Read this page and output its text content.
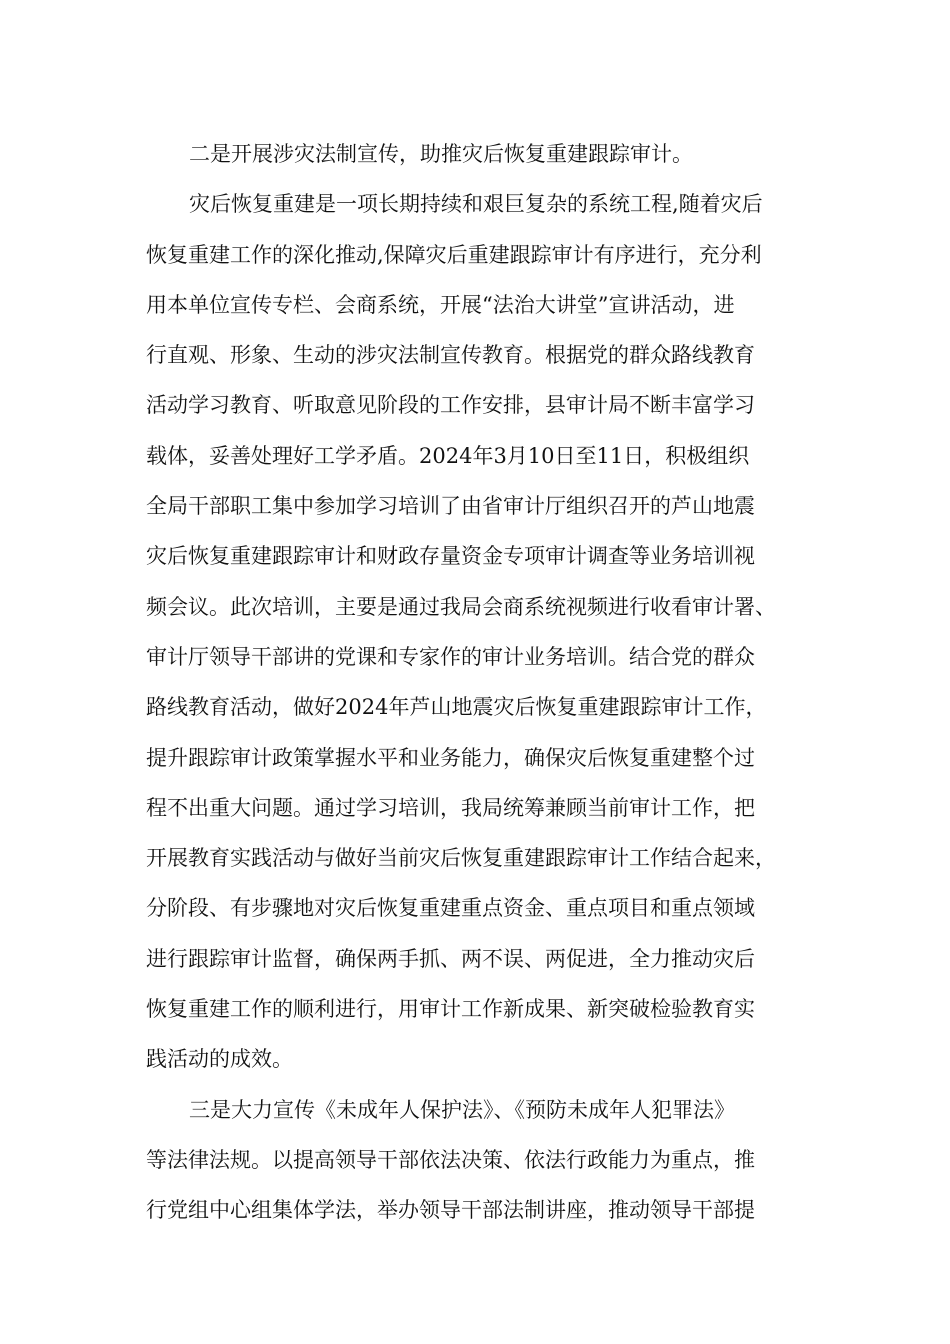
二是开展涉灾法制宣传，助推灾后恢复重建跟踪审计。
灾后恢复重建是一项长期持续和艰巨复杂的系统工程,随着灾后
恢复重建工作的深化推动,保障灾后重建跟踪审计有序进行，充分利
用本单位宣传专栏、会商系统，开展“法治大讲堂”宣讲活动，进
行直观、形象、生动的涉灾法制宣传教育。根据党的群众路线教育
活动学习教育、听取意见阶段的工作安排，县审计局不断丰富学习
载体，妥善处理好工学矛盾。2024年3月10日至11日，积极组织
全局干部职工集中参加学习培训了由省审计厅组织召开的芦山地震
灾后恢复重建跟踪审计和财政存量资金专项审计调查等业务培训视
频会议。此次培训，主要是通过我局会商系统视频进行收看审计署、
审计厅领导干部讲的党课和专家作的审计业务培训。结合党的群众
路线教育活动，做好2024年芦山地震灾后恢复重建跟踪审计工作，
提升跟踪审计政策掌握水平和业务能力，确保灾后恢复重建整个过
程不出重大问题。通过学习培训，我局统筹兼顾当前审计工作，把
开展教育实践活动与做好当前灾后恢复重建跟踪审计工作结合起来，
分阶段、有步骤地对灾后恢复重建重点资金、重点项目和重点领域
进行跟踪审计监督，确保两手抓、两不误、两促进，全力推动灾后
恢复重建工作的顺利进行，用审计工作新成果、新突破检验教育实
践活动的成效。
三是大力宣传《未成年人保护法》、《预防未成年人犯罪法》
等法律法规。以提高领导干部依法决策、依法行政能力为重点，推
行党组中心组集体学法，举办领导干部法制讲座，推动领导干部提
